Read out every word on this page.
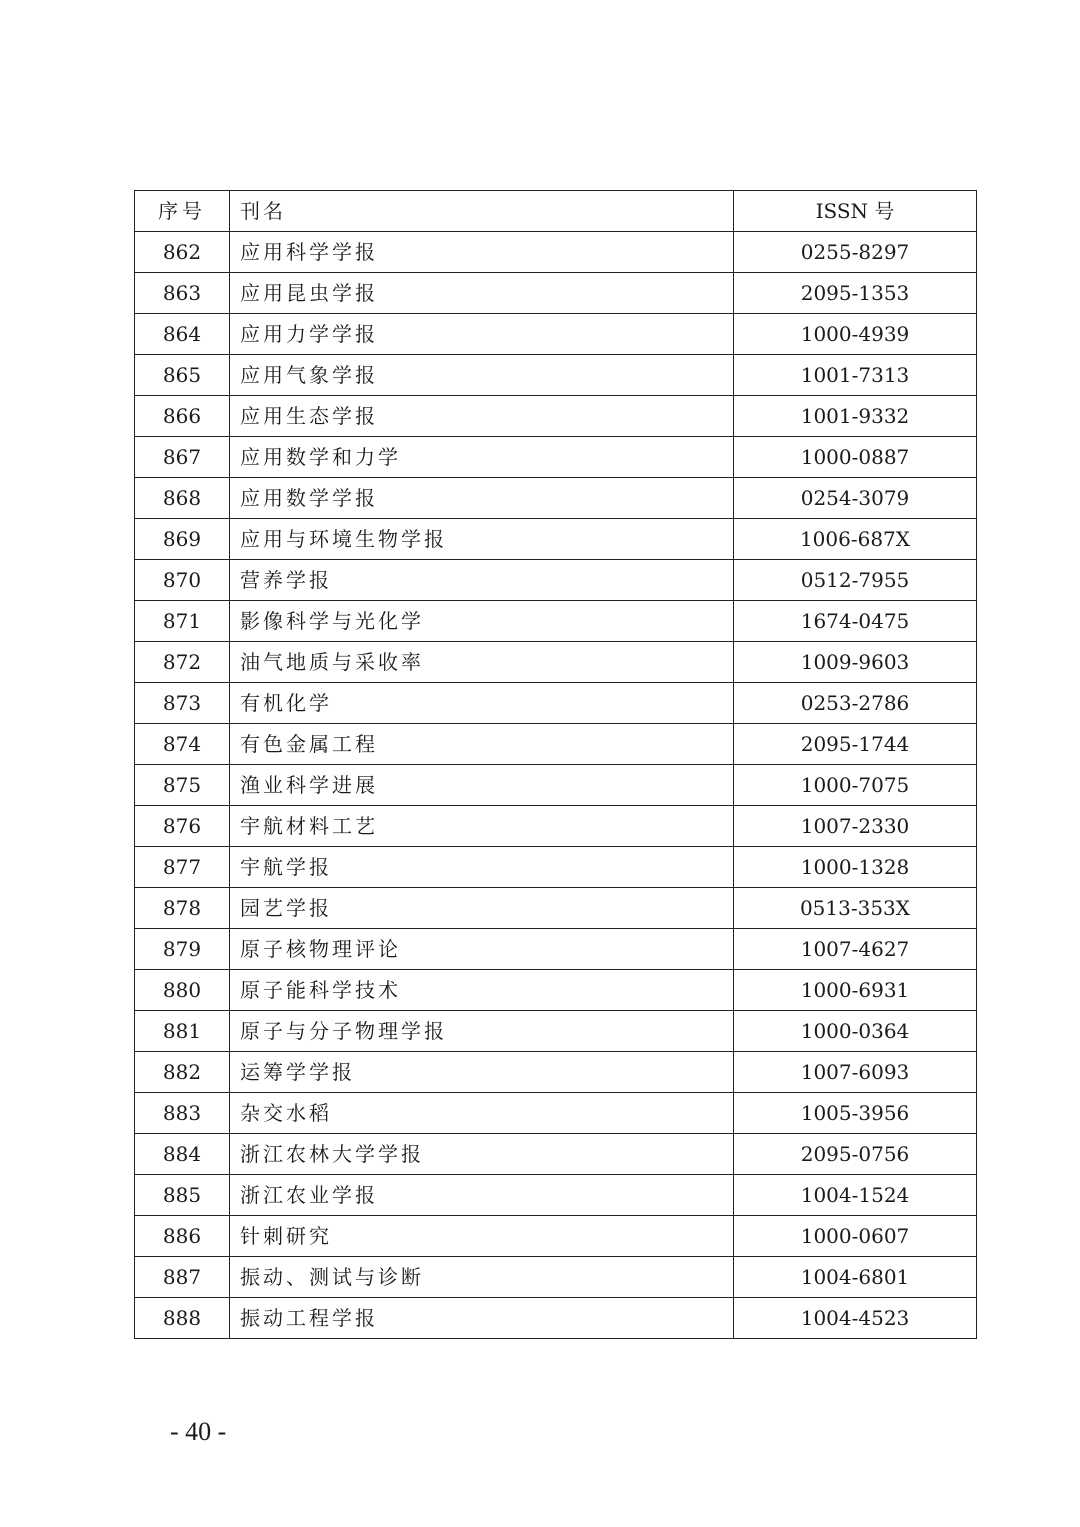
序号	刊名	ISSN 号
862	应用科学学报	0255-8297
863	应用昆虫学报	2095-1353
864	应用力学学报	1000-4939
865	应用气象学报	1001-7313
866	应用生态学报	1001-9332
867	应用数学和力学	1000-0887
868	应用数学学报	0254-3079
869	应用与环境生物学报	1006-687X
870	营养学报	0512-7955
871	影像科学与光化学	1674-0475
872	油气地质与采收率	1009-9603
873	有机化学	0253-2786
874	有色金属工程	2095-1744
875	渔业科学进展	1000-7075
876	宇航材料工艺	1007-2330
877	宇航学报	1000-1328
878	园艺学报	0513-353X
879	原子核物理评论	1007-4627
880	原子能科学技术	1000-6931
881	原子与分子物理学报	1000-0364
882	运筹学学报	1007-6093
883	杂交水稻	1005-3956
884	浙江农林大学学报	2095-0756
885	浙江农业学报	1004-1524
886	针刺研究	1000-0607
887	振动、测试与诊断	1004-6801
888	振动工程学报	1004-4523
- 40 -
